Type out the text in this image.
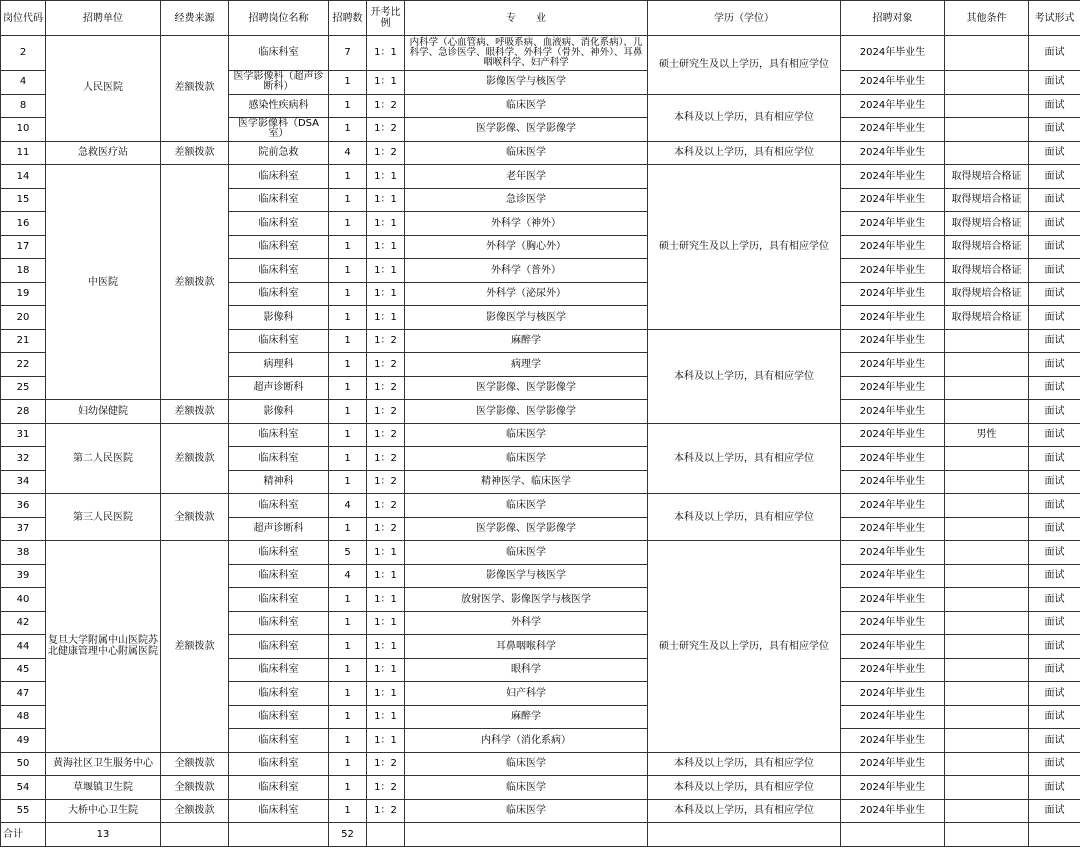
岗位代码	招聘单位	经费来源	招聘岗位名称	招聘数	开考比例	专　　业	学历（学位）	招聘对象	其他条件	考试形式
2	人民医院	差额拨款	临床科室	7	1：1	内科学（心血管病、呼吸系病、血液病、消化系病）、儿科学、急诊医学、眼科学、外科学（骨外、神外）、耳鼻咽喉科学、妇产科学	硕士研究生及以上学历，具有相应学位	2024年毕业生		面试
4			医学影像科（超声诊断科）	1	1：1	影像医学与核医学		2024年毕业生		面试
8			感染性疾病科	1	1：2	临床医学	本科及以上学历，具有相应学位	2024年毕业生		面试
10			医学影像科（DSA室）	1	1：2	医学影像、医学影像学		2024年毕业生		面试
11	急救医疗站	差额拨款	院前急救	4	1：2	临床医学	本科及以上学历，具有相应学位	2024年毕业生		面试
14	中医院	差额拨款	临床科室	1	1：1	老年医学	硕士研究生及以上学历，具有相应学位	2024年毕业生	取得规培合格证	面试
15			临床科室	1	1：1	急诊医学		2024年毕业生	取得规培合格证	面试
16			临床科室	1	1：1	外科学（神外）		2024年毕业生	取得规培合格证	面试
17			临床科室	1	1：1	外科学（胸心外）		2024年毕业生	取得规培合格证	面试
18			临床科室	1	1：1	外科学（普外）		2024年毕业生	取得规培合格证	面试
19			临床科室	1	1：1	外科学（泌尿外）		2024年毕业生	取得规培合格证	面试
20			影像科	1	1：1	影像医学与核医学		2024年毕业生	取得规培合格证	面试
21			临床科室	1	1：2	麻醉学	本科及以上学历，具有相应学位	2024年毕业生		面试
22			病理科	1	1：2	病理学		2024年毕业生		面试
25			超声诊断科	1	1：2	医学影像、医学影像学		2024年毕业生		面试
28	妇幼保健院	差额拨款	影像科	1	1：2	医学影像、医学影像学		2024年毕业生		面试
31	第二人民医院	差额拨款	临床科室	1	1：2	临床医学	本科及以上学历，具有相应学位	2024年毕业生	男性	面试
32			临床科室	1	1：2	临床医学		2024年毕业生		面试
34			精神科	1	1：2	精神医学、临床医学		2024年毕业生		面试
36	第三人民医院	全额拨款	临床科室	4	1：2	临床医学	本科及以上学历，具有相应学位	2024年毕业生		面试
37			超声诊断科	1	1：2	医学影像、医学影像学		2024年毕业生		面试
38	复旦大学附属中山医院苏北健康管理中心附属医院	差额拨款	临床科室	5	1：1	临床医学	硕士研究生及以上学历，具有相应学位	2024年毕业生		面试
39			临床科室	4	1：1	影像医学与核医学		2024年毕业生		面试
40			临床科室	1	1：1	放射医学、影像医学与核医学		2024年毕业生		面试
42			临床科室	1	1：1	外科学		2024年毕业生		面试
44			临床科室	1	1：1	耳鼻咽喉科学		2024年毕业生		面试
45			临床科室	1	1：1	眼科学		2024年毕业生		面试
47			临床科室	1	1：1	妇产科学		2024年毕业生		面试
48			临床科室	1	1：1	麻醉学		2024年毕业生		面试
49			临床科室	1	1：1	内科学（消化系病）		2024年毕业生		面试
50	黄海社区卫生服务中心	全额拨款	临床科室	1	1：2	临床医学	本科及以上学历，具有相应学位	2024年毕业生		面试
54	草堰镇卫生院	全额拨款	临床科室	1	1：2	临床医学	本科及以上学历，具有相应学位	2024年毕业生		面试
55	大桥中心卫生院	全额拨款	临床科室	1	1：2	临床医学	本科及以上学历，具有相应学位	2024年毕业生		面试
合计	13			52						
